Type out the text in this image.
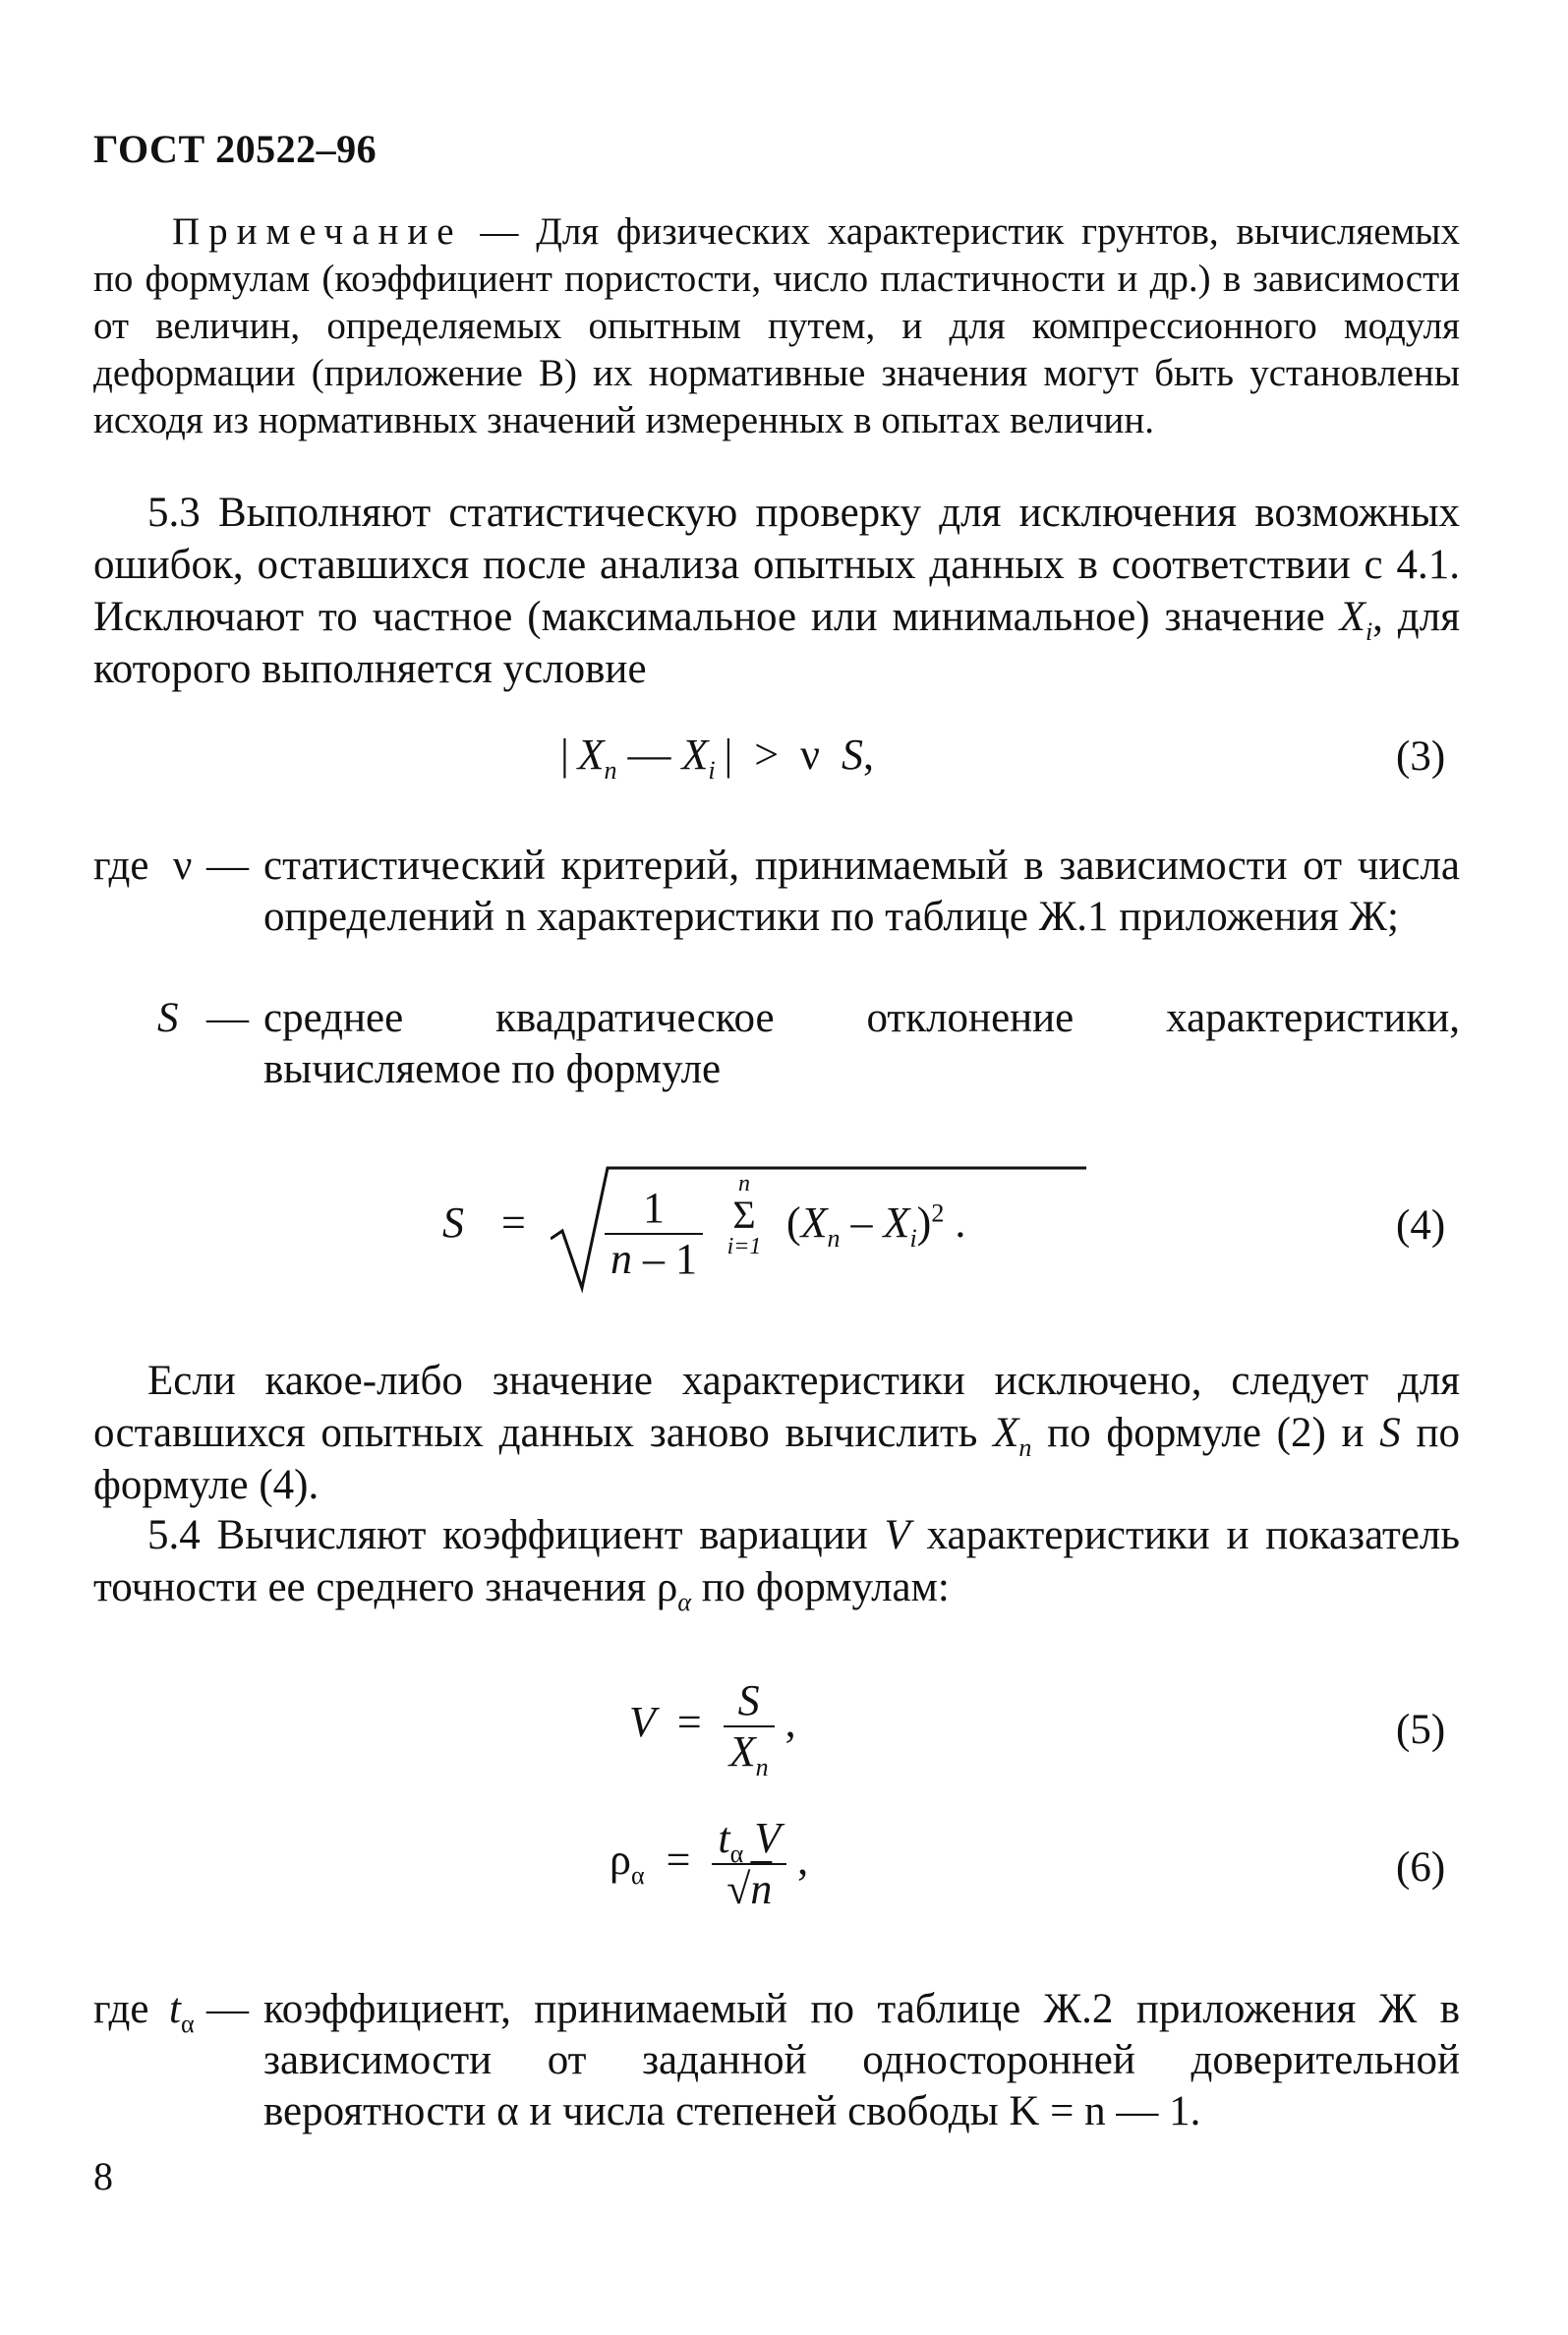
ГОСТ 20522–96
Примечание — Для физических характеристик грунтов, вычисляемых по формулам (коэффициент пористости, число пластичности и др.) в зависимости от величин, определяемых опытным путем, и для компрессионного модуля деформации (приложение В) их нормативные значения могут быть установлены исходя из нормативных значений измеренных в опытах величин.
5.3 Выполняют статистическую проверку для исключения возможных ошибок, оставшихся после анализа опытных данных в соответствии с 4.1. Исключают то частное (максимальное или минимальное) значение $X_i$, для которого выполняется условие
| $X_n$ — $X_i$ |  >  ν  S,	(3)
где ν — статистический критерий, принимаемый в зависимости от числа определений n характеристики по таблице Ж.1 приложения Ж;
S — среднее квадратическое отклонение характеристики, вычисляемое по формуле
$S = \frac{1}{n - 1}$	n
Σ
i=1 $(X_n - X_i)^2$ .	(4)
Если какое-либо значение характеристики исключено, следует для оставшихся опытных данных заново вычислить $X_n$ по формуле (2) и S по формуле (4).
5.4 Вычисляют коэффициент вариации V характеристики и показатель точности ее среднего значения $\rho_\alpha$ по формулам:
$V = \frac{S}{X_n}$ ,	(5)
$\rho_\alpha = \frac{t_\alpha V}{√n}$ ,	(6)
где $t_\alpha$ — коэффициент, принимаемый по таблице Ж.2 приложения Ж в зависимости от заданной односторонней доверительной вероятности α и числа степеней свободы K = n — 1.
8
